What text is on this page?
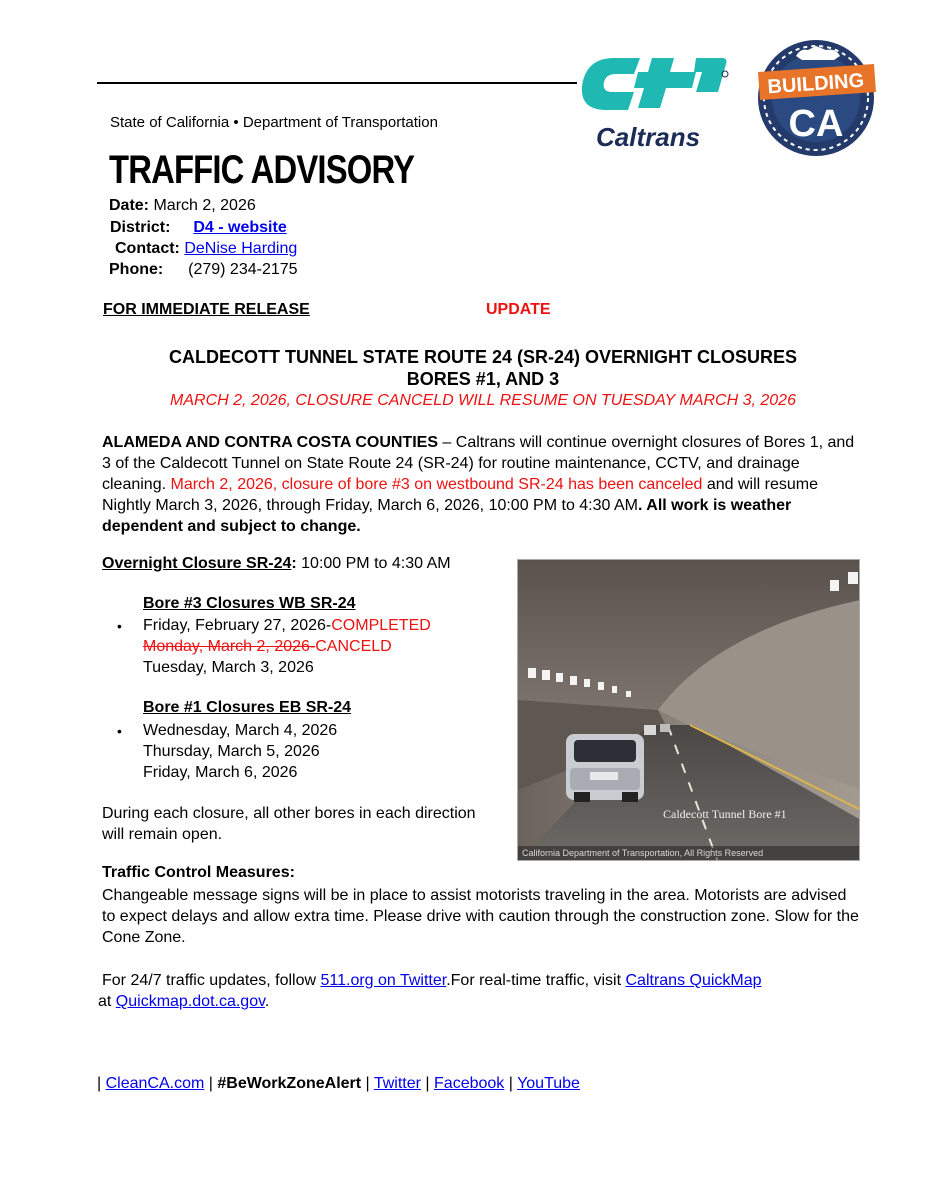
Caltrans
BUILDING
CA
State of California • Department of Transportation
TRAFFIC ADVISORY
Date: March 2, 2026
District: D4 - website
Contact: DeNise Harding
Phone: (279) 234-2175
FOR IMMEDIATE RELEASE	UPDATE
CALDECOTT TUNNEL STATE ROUTE 24 (SR-24) OVERNIGHT CLOSURES
BORES #1, AND 3
MARCH 2, 2026, CLOSURE CANCELD WILL RESUME ON TUESDAY MARCH 3, 2026
ALAMEDA AND CONTRA COSTA COUNTIES – Caltrans will continue overnight closures of Bores 1, and 3 of the Caldecott Tunnel on State Route 24 (SR-24) for routine maintenance, CCTV, and drainage cleaning. March 2, 2026, closure of bore #3 on westbound SR-24 has been canceled and will resume Nightly March 3, 2026, through Friday, March 6, 2026, 10:00 PM to 4:30 AM. All work is weather dependent and subject to change.
Overnight Closure SR-24: 10:00 PM to 4:30 AM
Bore #3 Closures WB SR-24
• Friday, February 27, 2026-COMPLETED
Monday, March 2, 2026-CANCELD
Tuesday, March 3, 2026
Bore #1 Closures EB SR-24
• Wednesday, March 4, 2026
Thursday, March 5, 2026
Friday, March 6, 2026
Caldecott Tunnel Bore #1
California Department of Transportation, All Rights Reserved
During each closure, all other bores in each direction will remain open.
Traffic Control Measures:
Changeable message signs will be in place to assist motorists traveling in the area. Motorists are advised to expect delays and allow extra time. Please drive with caution through the construction zone. Slow for the Cone Zone.
For 24/7 traffic updates, follow 511.org on Twitter.For real-time traffic, visit Caltrans QuickMap
at Quickmap.dot.ca.gov.
| CleanCA.com | #BeWorkZoneAlert | Twitter | Facebook | YouTube
